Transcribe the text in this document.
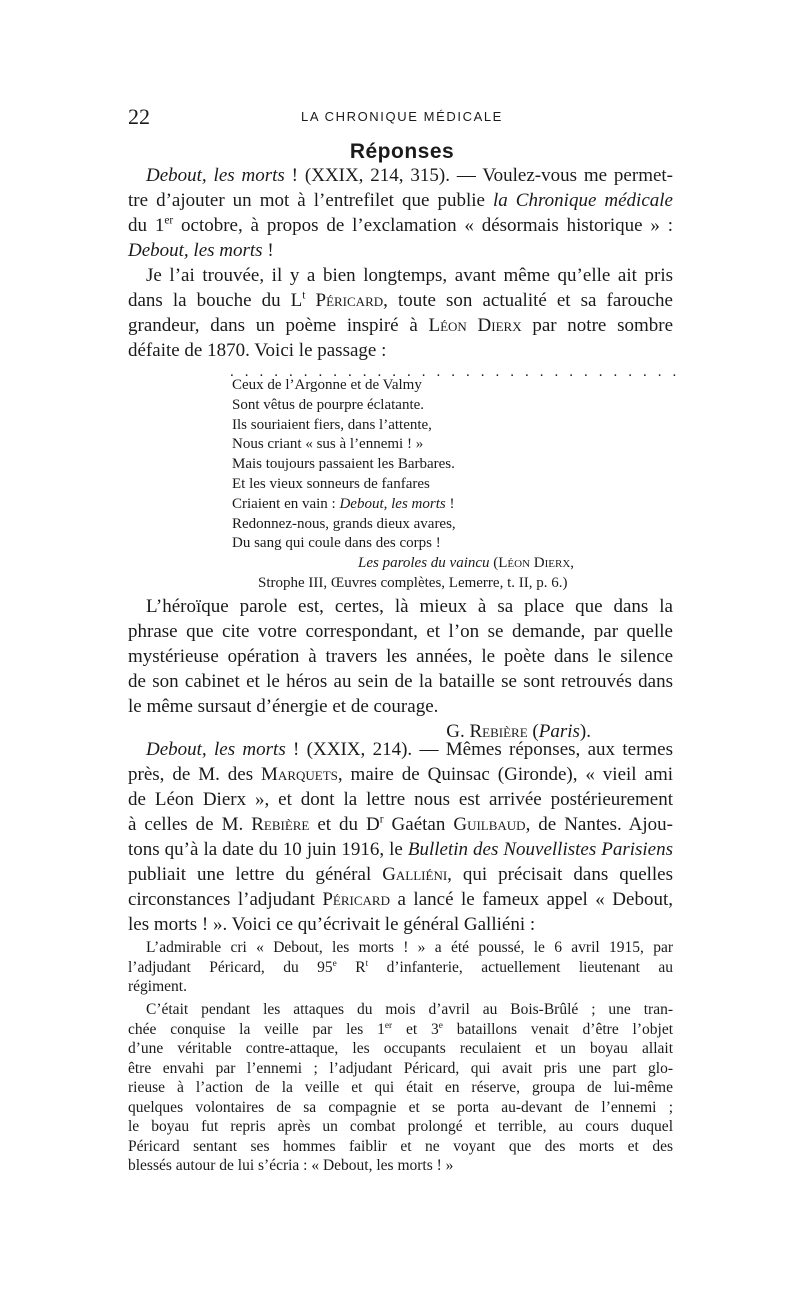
22	LA CHRONIQUE MÉDICALE
Réponses
Debout, les morts ! (XXIX, 214, 315). — Voulez-vous me permet-
tre d’ajouter un mot à l’entrefilet que publie la Chronique médicale
du 1er octobre, à propos de l’exclamation « désormais historique » :
Debout, les morts !
Je l’ai trouvée, il y a bien longtemps, avant même qu’elle ait pris
dans la bouche du $L^t$ Péricard, toute son actualité et sa farouche
grandeur, dans un poème inspiré à Léon Dierx par notre sombre
défaite de 1870. Voici le passage :
...............................
Ceux de l’Argonne et de Valmy
Sont vêtus de pourpre éclatante.
Ils souriaient fiers, dans l’attente,
Nous criant « sus à l’ennemi ! »
Mais toujours passaient les Barbares.
Et les vieux sonneurs de fanfares
Criaient en vain : Debout, les morts !
Redonnez-nous, grands dieux avares,
Du sang qui coule dans des corps !
Les paroles du vaincu (Léon Dierx,
Strophe III, Œuvres complètes, Lemerre, t. II, p. 6.)
L’héroïque parole est, certes, là mieux à sa place que dans la
phrase que cite votre correspondant, et l’on se demande, par quelle
mystérieuse opération à travers les années, le poète dans le silence
de son cabinet et le héros au sein de la bataille se sont retrouvés dans
le même sursaut d’énergie et de courage.
G. Rebière (Paris).
Debout, les morts ! (XXIX, 214). — Mêmes réponses, aux termes
près, de M. des Marquets, maire de Quinsac (Gironde), « vieil ami
de Léon Dierx », et dont la lettre nous est arrivée postérieurement
à celles de M. Rebière et du $D^r$ Gaétan Guilbaud, de Nantes. Ajou-
tons qu’à la date du 10 juin 1916, le Bulletin des Nouvellistes Parisiens
publiait une lettre du général Galliéni, qui précisait dans quelles
circonstances l’adjudant Péricard a lancé le fameux appel « Debout,
les morts ! ». Voici ce qu’écrivait le général Galliéni :
L’admirable cri « Debout, les morts ! » a été poussé, le 6 avril 1915, par
l’adjudant Péricard, du 95e $R^t$ d’infanterie, actuellement lieutenant au
régiment.
C’était pendant les attaques du mois d’avril au Bois-Brûlé ; une tran-
chée conquise la veille par les 1er et 3e bataillons venait d’être l’objet
d’une véritable contre-attaque, les occupants reculaient et un boyau allait
être envahi par l’ennemi ; l’adjudant Péricard, qui avait pris une part glo-
rieuse à l’action de la veille et qui était en réserve, groupa de lui-même
quelques volontaires de sa compagnie et se porta au-devant de l’ennemi ;
le boyau fut repris après un combat prolongé et terrible, au cours duquel
Péricard sentant ses hommes faiblir et ne voyant que des morts et des
blessés autour de lui s’écria : « Debout, les morts ! »
